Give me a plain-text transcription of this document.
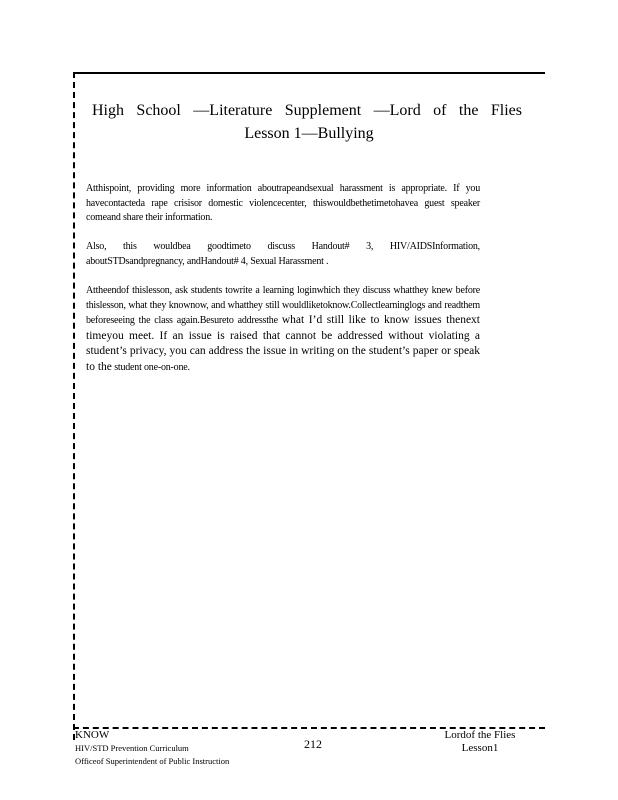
High School —Literature Supplement —Lord of the Flies
Lesson 1—Bullying
Atthispoint, providing more information aboutrapeandsexual harassment is appropriate. If you havecontacteda rape crisisor domestic violencecenter, thiswouldbethetimetohavea guest speaker comeand share their information.
Also, this wouldbea goodtimeto discuss Handout# 3, HIV/AIDSInformation, aboutSTDsandpregnancy, andHandout# 4, Sexual Harassment .
Attheendof thislesson, ask students towrite a learning loginwhich they discuss whatthey knew before thislesson, what they knownow, and whatthey still wouldliketoknow.Collectlearninglogs and readthem beforeseeing the class again.Besureto addressthe what I’d still like to know issues thenext timeyou meet. If an issue is raised that cannot be addressed without violating a student’s privacy, you can address the issue in writing on the student’s paper or speak to the student one-on-one.
KNOW
HIV/STD Prevention Curriculum
Officeof Superintendent of Public Instruction
212
Lordof the Flies
Lesson1
